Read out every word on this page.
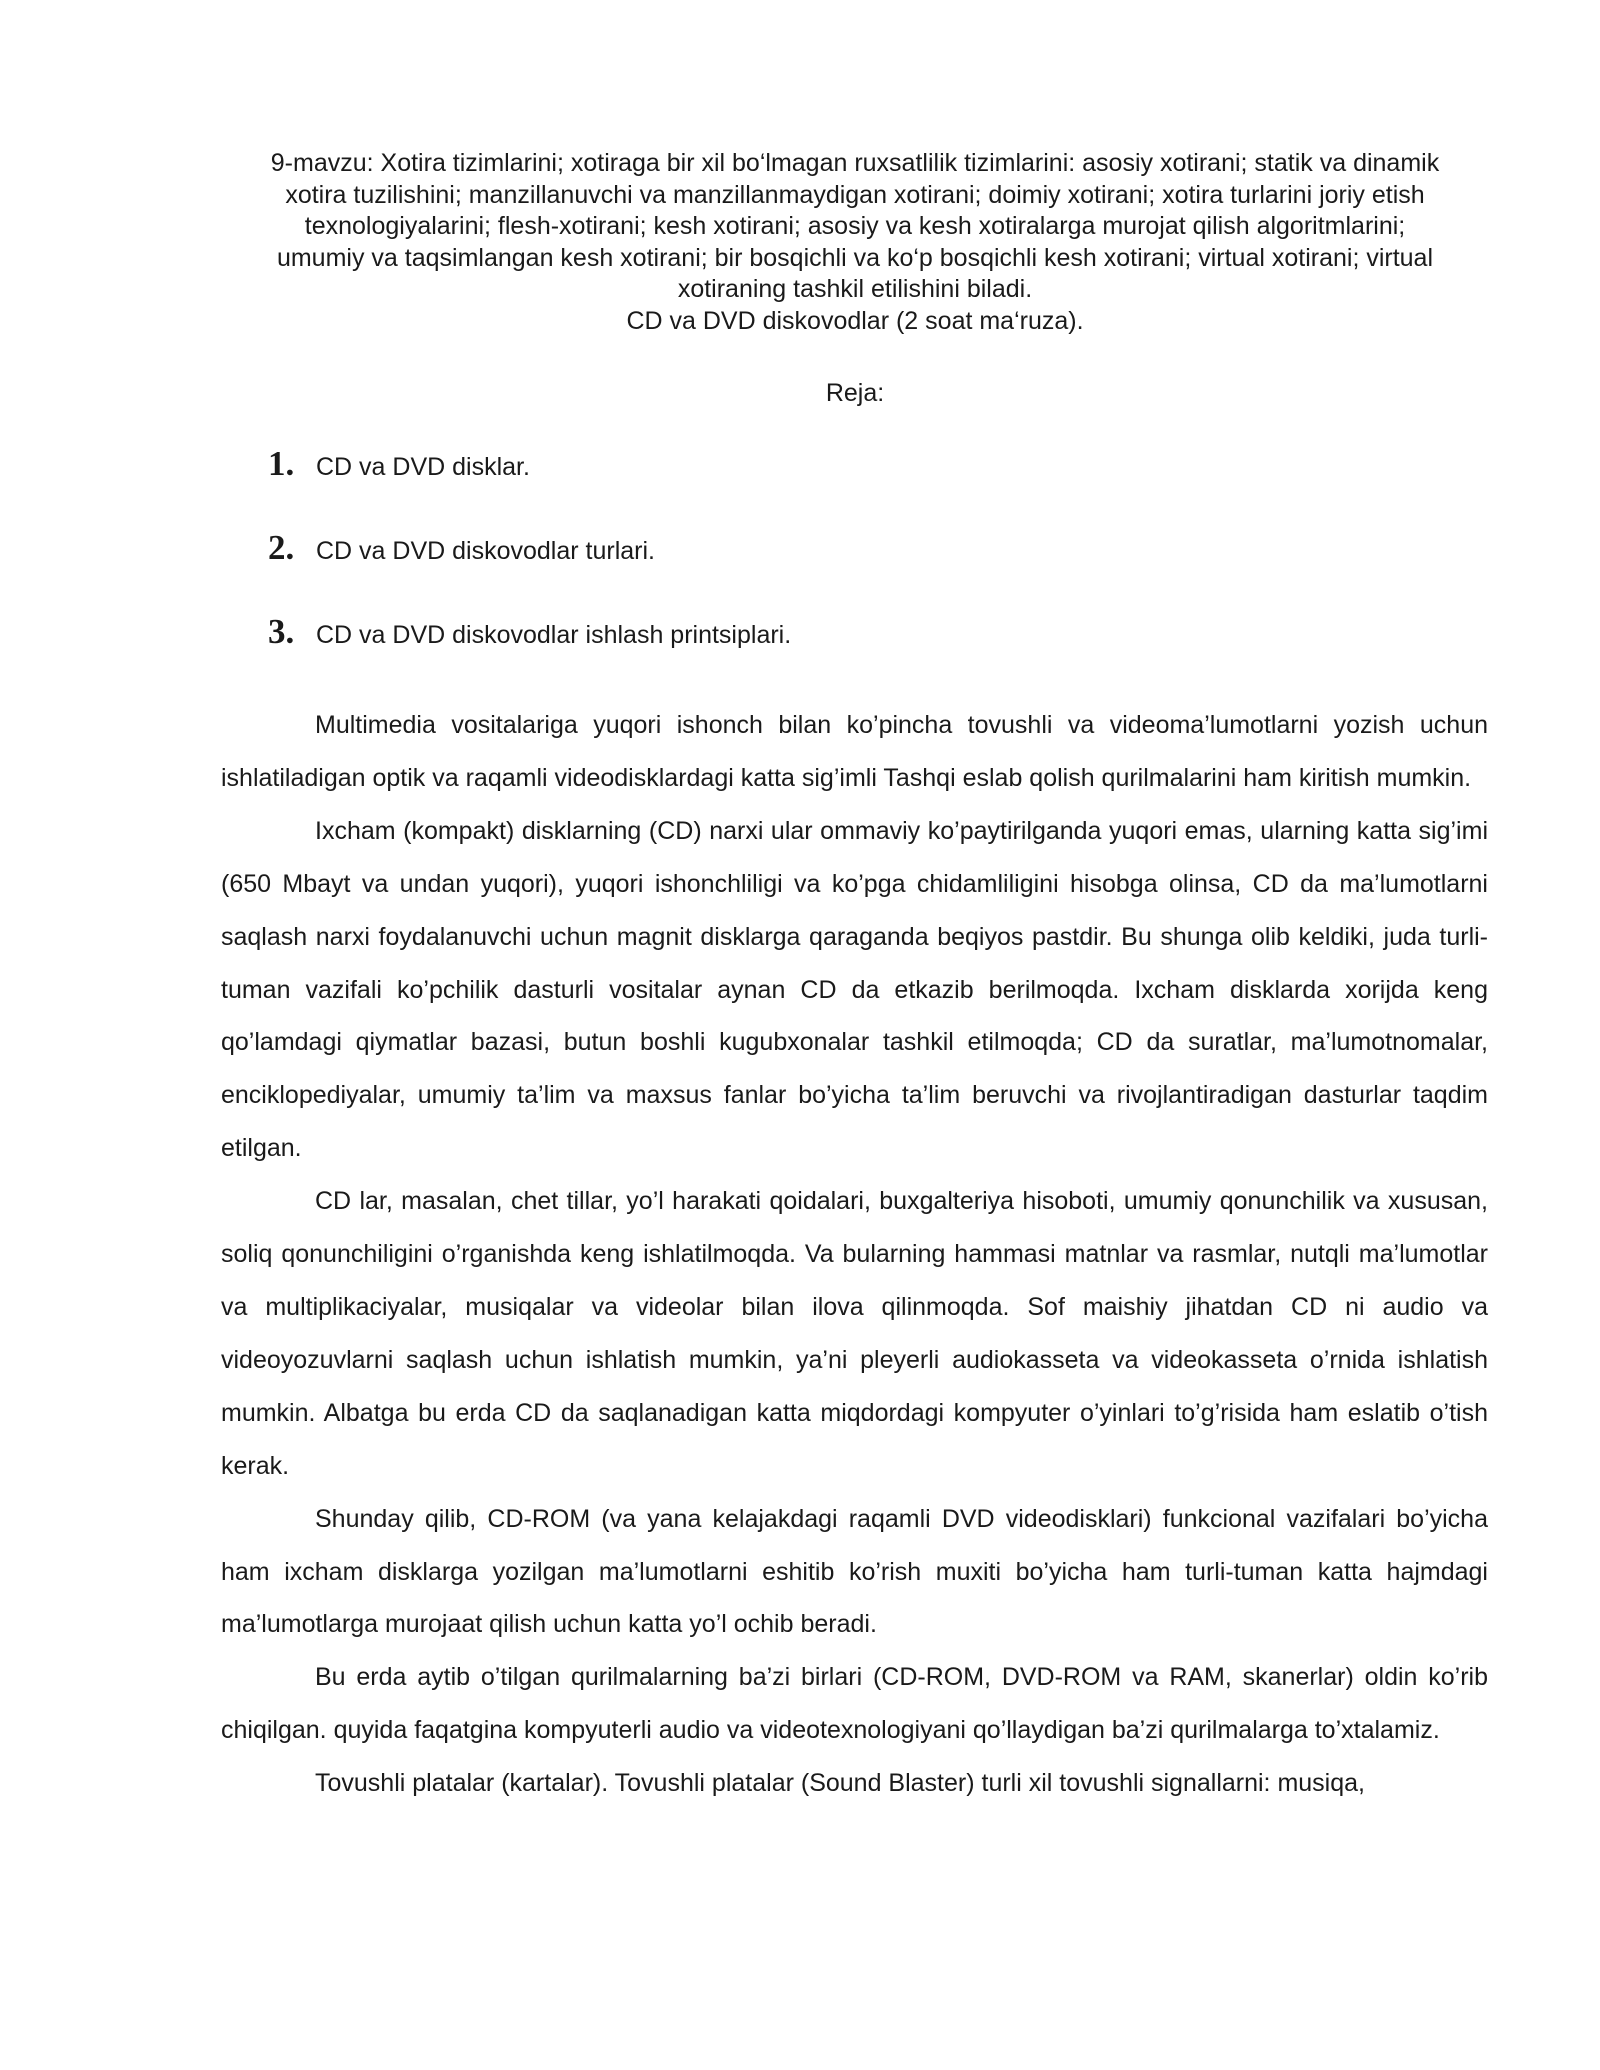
9-mavzu: Xotira tizimlarini; xotiraga bir xil bo‘lmagan ruxsatlilik tizimlarini: asosiy xotirani; statik va dinamik

xotira tuzilishini; manzillanuvchi va manzillanmaydigan xotirani; doimiy xotirani; xotira turlarini joriy etish

texnologiyalarini; flesh-xotirani; kesh xotirani; asosiy va kesh xotiralarga murojat qilish algoritmlarini;

umumiy va taqsimlangan kesh xotirani; bir bosqichli va ko‘p bosqichli kesh xotirani; virtual xotirani; virtual

xotiraning tashkil etilishini biladi.

CD va DVD diskovodlar (2 soat ma‘ruza).

Reja:
1. CD va DVD disklar.
2. CD va DVD diskovodlar turlari.
3. CD va DVD diskovodlar ishlash printsiplari.

Multimedia vositalariga yuqori ishonch bilan ko’pincha tovushli va videoma’lumotlarni yozish uchun ishlatiladigan optik va raqamli videodisklardagi katta sig’imli Tashqi eslab qolish qurilmalarini ham kiritish mumkin.

Ixcham (kompakt) disklarning (CD) narxi ular ommaviy ko’paytirilganda yuqori emas, ularning katta sig’imi (650 Mbayt va undan yuqori), yuqori ishonchliligi va ko’pga chidamliligini hisobga olinsa, CD da ma’lumotlarni saqlash narxi foydalanuvchi uchun magnit disklarga qaraganda beqiyos pastdir. Bu shunga olib keldiki, juda turli-tuman vazifali ko’pchilik dasturli vositalar aynan CD da etkazib berilmoqda. Ixcham disklarda xorijda keng qo’lamdagi qiymatlar bazasi, butun boshli kugubxonalar tashkil etilmoqda; CD da suratlar, ma’lumotnomalar, enciklopediyalar, umumiy ta’lim va maxsus fanlar bo’yicha ta’lim beruvchi va rivojlantiradigan dasturlar taqdim etilgan.

CD lar, masalan, chet tillar, yo’l harakati qoidalari, buxgalteriya hisoboti, umumiy qonunchilik va xususan, soliq qonunchiligini o’rganishda keng ishlatilmoqda. Va bularning hammasi matnlar va rasmlar, nutqli ma’lumotlar va multiplikaciyalar, musiqalar va videolar bilan ilova qilinmoqda. Sof maishiy jihatdan CD ni audio va videoyozuvlarni saqlash uchun ishlatish mumkin, ya’ni pleyerli audiokasseta va videokasseta o’rnida ishlatish mumkin. Albatga bu erda CD da saqlanadigan katta miqdordagi kompyuter o’yinlari to’g’risida ham eslatib o’tish kerak.

Shunday qilib, CD-ROM (va yana kelajakdagi raqamli DVD videodisklari) funkcional vazifalari bo’yicha ham ixcham disklarga yozilgan ma’lumotlarni eshitib ko’rish muxiti bo’yicha ham turli-tuman katta hajmdagi ma’lumotlarga murojaat qilish uchun katta yo’l ochib beradi.

Bu erda aytib o’tilgan qurilmalarning ba’zi birlari (CD-ROM, DVD-ROM va RAM, skanerlar) oldin ko’rib chiqilgan. quyida faqatgina kompyuterli audio va videotexnologiyani qo’llaydigan ba’zi qurilmalarga to’xtalamiz.

Tovushli platalar (kartalar). Tovushli platalar (Sound Blaster) turli xil tovushli signallarni: musiqa,
